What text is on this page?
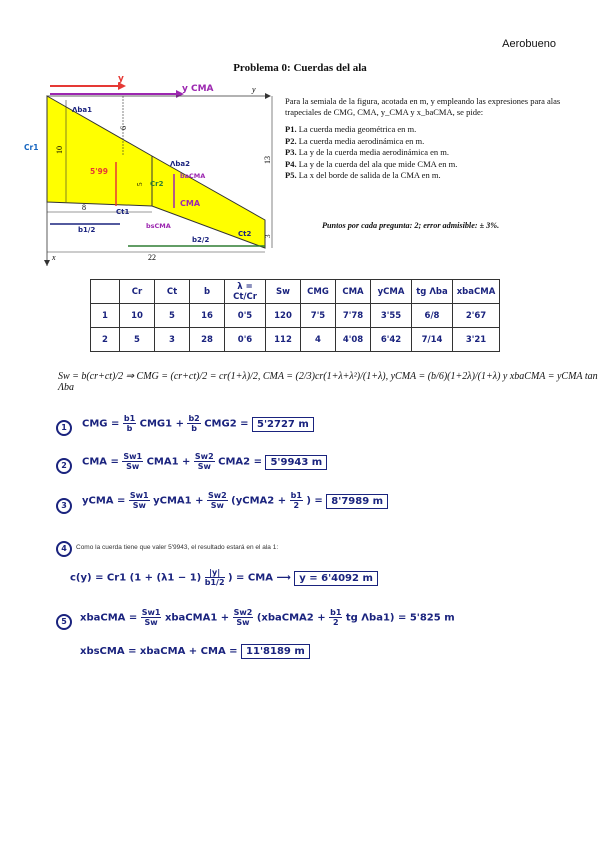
Aerobueno
Problema 0: Cuerdas del ala
y
y CMA	y
x
8
22
13
3
6
10
5
Cr1
Λba1
5'99
Ct1
Cr2
CMA
Λba2
baCMA
bsCMA
Ct2
b1/2
b2/2
Para la semiala de la figura, acotada en m, y empleando las expresiones para alas trapeciales de CMG, CMA, y_CMA y x_baCMA, se pide:
P1. La cuerda media geométrica en m.
P2. La cuerda media aerodinámica en m.
P3. La y de la cuerda media aerodinámica en m.
P4. La y de la cuerda del ala que mide CMA en m.
P5. La x del borde de salida de la CMA en m.
Puntos por cada pregunta: 2; error admisible: ± 3%.
	Cr	Ct	b	λ = Ct/Cr	Sw	CMG	CMA	yCMA	tg Λba	xbaCMA
1	10	5	16	0'5	120	7'5	7'78	3'55	6/8	2'67
2	5	3	28	0'6	112	4	4'08	6'42	7/14	3'21
Sw = b(cr+ct)/2 ⇒ CMG = (cr+ct)/2 = cr(1+λ)/2, CMA = (2/3)cr(1+λ+λ²)/(1+λ), yCMA = (b/6)(1+2λ)/(1+λ) y xbaCMA = yCMA tan Λba
1	CMG = $\frac{b1}{b} CMG1 + \frac{b2}{b} CMG2 = 5'2727$ m
2	CMA = $\frac{Sw1}{Sw} CMA1 + \frac{Sw2}{Sw} CMA2 = 5'9943$ m
3	yCMA = $\frac{Sw1}{Sw}$ yCMA1 + $\frac{Sw2}{Sw}$ (yCMA2 + $\frac{b1}{2}$ ) = 8'7989 m
4	Como la cuerda tiene que valer 5'9943, el resultado estará en el ala 1:
c(y) = Cr1 ($1 + (\lambda 1 - 1) \frac{|y|}{b1/2}$ ) = CMA ⟶ y = 6'4092 m
5	xbaCMA = $\frac{Sw1}{Sw}$ xbaCMA1 + $\frac{Sw2}{Sw}$ (xbaCMA2 + $\frac{b1}{2}$ tg Λba1) = 5'825 m
xbsCMA = xbaCMA + CMA = 11'8189 m
